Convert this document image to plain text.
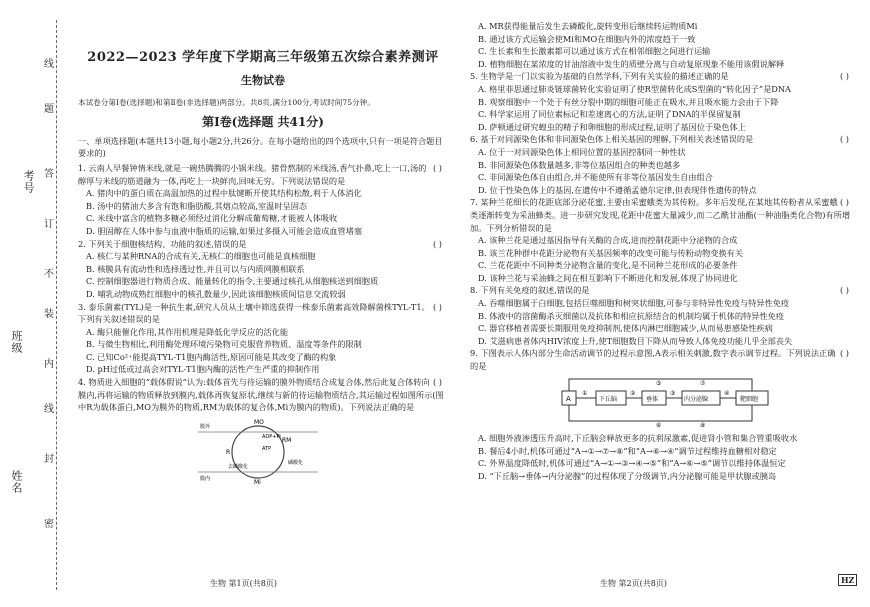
姓名
班级
考号
线
题
答
订
不
装
内
线
封
密
2022—2023 学年度下学期高三年级第五次综合素养测评
生物试卷
本试卷分第Ⅰ卷(选择题)和第Ⅱ卷(非选择题)两部分。共8页,满分100分,考试时间75分钟。
第Ⅰ卷(选择题 共41分)
一、单项选择题(本题共13小题,每小题2分,共26分。在每小题给出的四个选项中,只有一项是符合题目要求的)
( )
1. 云南人早餐钟情米线,就是一碗热腾腾的小锅米线。猪骨熬制的米线汤,香气扑鼻,吃上一口,汤的醇厚与米线的筋道融为一体,再吃上一块鲜肉,回味无穷。下列说法错误的是
A. 猪肉中的蛋白质在高温加热的过程中肽键断开使其结构松散,利于人体消化
B. 汤中的猪油大多含有饱和脂肪酸,其熔点较高,室温时呈固态
C. 米线中富含的植物多糖必须经过消化分解成葡萄糖,才能被人体吸收
D. 胆固醇在人体中参与血液中脂质的运输,如果过多摄入可能会造成血管堵塞
( )
2. 下列关于细胞核结构、功能的叙述,错误的是
A. 核仁与某种RNA的合成有关,无核仁的细胞也可能是真核细胞
B. 核膜具有流动性和选择透过性,并且可以与内质网膜相联系
C. 控制细胞器进行物质合成、能量转化的指令,主要通过核孔从细胞核送到细胞质
D. 哺乳动物成熟红细胞中的核孔数量少,因此该细胞核质间信息交流较弱
( )
3. 泰乐菌素(TYL)是一种抗生素,研究人员从土壤中筛选获得一株泰乐菌素高效降解菌株TYL-T1。下列有关叙述错误的是
A. 酶只能催化作用,其作用机理是降低化学反应的活化能
B. 与微生物相比,利用酶处理环境污染物可克服营养物质、温度等条件的限制
C. 已知Co²⁺能提高TYL-T1胞内酶活性,原因可能是其改变了酶的构象
D. pH过低或过高会对TYL-T1胞内酶的活性产生严重的抑制作用
( )
4. 物质进入细胞的“载体假说”认为:载体首先与待运输的膜外物质结合成复合体,然后此复合体转向膜内,再将运输的物质释放到膜内,载体再恢复原状,继续与新的待运输物质结合,其运输过程如图所示(图中R为载体蛋白,MO为膜外的物质,RM为载体的复合体,Mi为膜内的物质)。下列说法正确的是
MO
RM
R
ADP+Pi
ATP
Mi
膜外
膜内
磷酸化
去磷酸化
生物 第1页(共8页)
A. MR获得能量后发生去磷酸化,旋转变形后继续转运物质Mi
B. 通过该方式运输会使Mi和MO在细胞内外的浓度趋于一致
C. 生长素和生长激素都可以通过该方式在相邻细胞之间进行运输
D. 植物细胞在某浓度的甘油溶液中发生的质壁分离与自动复原现象不能用该假说解释
( )
5. 生物学是一门以实验为基础的自然学科,下列有关实验的描述正确的是
A. 格里菲思通过肺炎链球菌转化实验证明了使R型菌转化成S型菌的“转化因子”是DNA
B. 观察细胞中一个处于有丝分裂中期的细胞可能正在吸水,并且吸水能力会由于下降
C. 科学家运用了同位素标记和差速离心的方法,证明了DNA的半保留复制
D. 萨顿通过研究蝗虫的精子和卵细胞的形成过程,证明了基因位于染色体上
( )
6. 基于对同源染色体和非同源染色体上相关基因的理解,下列相关表述错误的是
A. 位于一对同源染色体上相同位置的基因控制同一种性状
B. 非同源染色体数量越多,非等位基因组合的种类也越多
C. 非同源染色体自由组合,并不能使所有非等位基因发生自由组合
D. 位于性染色体上的基因,在遗传中不遵循孟德尔定律,但表现伴性遗传的特点
( )
7. 某种兰花细长的花距底部分泌花蜜,主要由采蜜蛾类为其传粉。多年后发现,在某地其传粉者从采蜜蛾类逐渐转变为采油蜂类。进一步研究发现,花距中花蜜大量减少,而二乙酰甘油酯(一种油脂类化合物)有所增加。下列分析错误的是
A. 该种兰花是通过基因指导有关酶的合成,进而控制花距中分泌物的合成
B. 该兰花种群中花距分泌物有关基因频率的改变可能与传粉动物变换有关
C. 兰花花距中不同种类分泌物含量的变化,是不同种兰花形成的必要条件
D. 该种兰花与采油蜂之间在相互影响下不断进化和发展,体现了协同进化
( )
8. 下列有关免疫的叙述,错误的是
A. 吞噬细胞属于白细胞,包括巨噬细胞和树突状细胞,可参与非特异性免疫与特异性免疫
B. 体液中的溶菌酶杀灭细菌以及抗体和相应抗原结合的机制均属于机体的特异性免疫
C. 器官移植者需要长期服用免疫抑制剂,使体内淋巴细胞减少,从而易患感染性疾病
D. 艾滋病患者体内HIV浓度上升,使T细胞数目下降从而导致人体免疫功能几乎全部丧失
( )
9. 下图表示人体内部分生命活动调节的过程示意图,A表示相关刺激,数字表示调节过程。下列说法正确的是
A	下丘脑	垂体	内分泌腺	靶细胞
①	②	③	④
⑤
⑥
⑦
⑧
A. 细胞外液渗透压升高时,下丘脑会释放更多的抗利尿激素,促进肾小管和集合管重吸收水
B. 餐后4小时,机体可通过“A→①→⑦→⑧”和“A→⑥→④”调节过程维持血糖相对稳定
C. 外界温度降低时,机体可通过“A→①→③→④→⑤”和“A→⑥→⑤”调节以维持体温恒定
D. “下丘脑→垂体→内分泌腺”的过程体现了分级调节,内分泌腺可能是甲状腺或胰岛
生物 第2页(共8页)	HZ
